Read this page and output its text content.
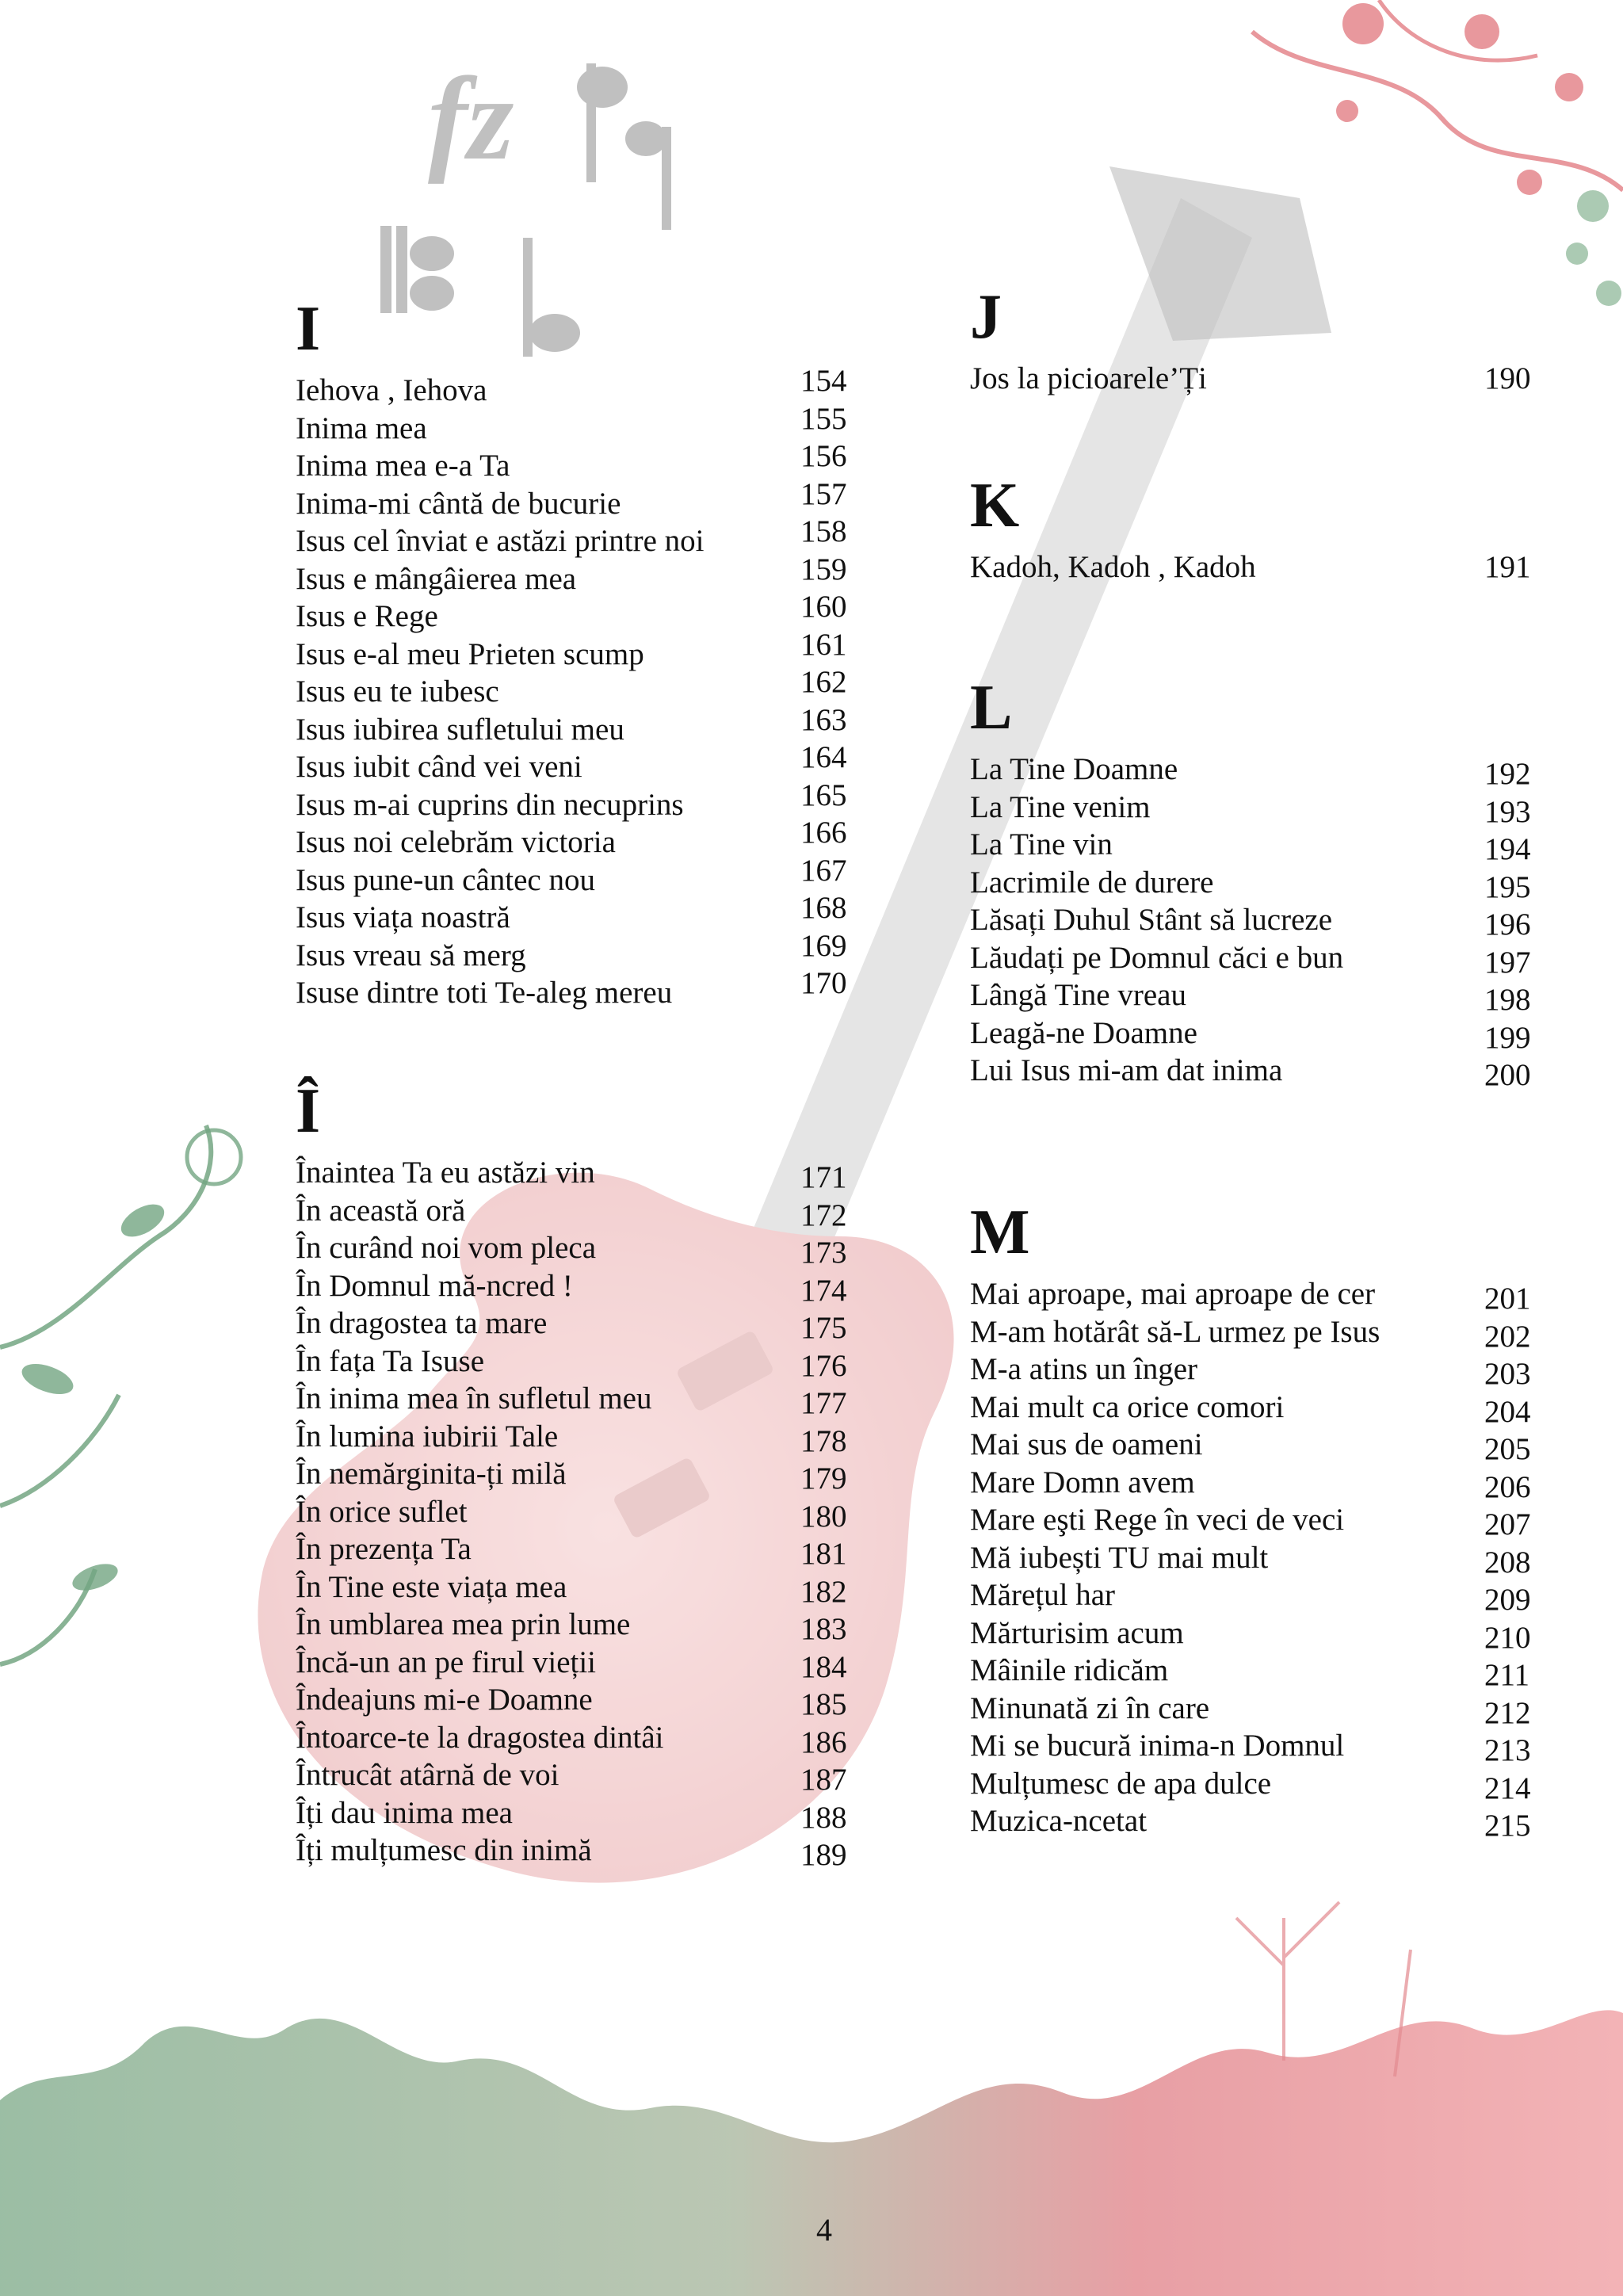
fz
I
Iehova , Iehova	154
Inima mea	155
Inima mea e-a Ta	156
Inima-mi cântă de bucurie	157
Isus cel înviat e astăzi printre noi	158
Isus e mângâierea mea	159
Isus e Rege	160
Isus e-al meu Prieten scump	161
Isus eu te iubesc	162
Isus iubirea sufletului meu	163
Isus iubit când vei veni	164
Isus m-ai cuprins din necuprins	165
Isus noi celebrăm victoria	166
Isus pune-un cântec nou	167
Isus viața noastră	168
Isus vreau să merg	169
Isuse dintre toti Te-aleg mereu	170
Î
Înaintea Ta eu astăzi vin	171
În această oră	172
În curând noi vom pleca	173
În Domnul mă-ncred !	174
În dragostea ta mare	175
În fața Ta Isuse	176
În inima mea în sufletul meu	177
În lumina iubirii Tale	178
În nemărginita-ți milă	179
În orice suflet	180
În prezența Ta	181
În Tine este viața mea	182
În umblarea mea prin lume	183
Încă-un an pe firul vieții	184
Îndeajuns mi-e Doamne	185
Întoarce-te la dragostea dintâi	186
Întrucât atârnă de voi	187
Îți dau inima mea	188
Îți mulțumesc din inimă	189
J
Jos la picioarele’Ți	190
K
Kadoh, Kadoh , Kadoh	191
L
La Tine Doamne	192
La Tine venim	193
La Tine vin	194
Lacrimile de durere	195
Lăsați Duhul Stânt să lucreze	196
Lăudați pe Domnul căci e bun	197
Lângă Tine vreau	198
Leagă-ne Doamne	199
Lui Isus mi-am dat inima	200
M
Mai aproape, mai aproape de cer	201
M-am hotărât să-L urmez pe Isus	202
M-a atins un înger	203
Mai mult ca orice comori	204
Mai sus de oameni	205
Mare Domn avem	206
Mare eşti Rege în veci de veci	207
Mă iubești TU mai mult	208
Mărețul har	209
Mărturisim acum	210
Mâinile ridicăm	211
Minunată zi în care	212
Mi se bucură inima-n Domnul	213
Mulțumesc de apa dulce	214
Muzica-ncetat	215
4
